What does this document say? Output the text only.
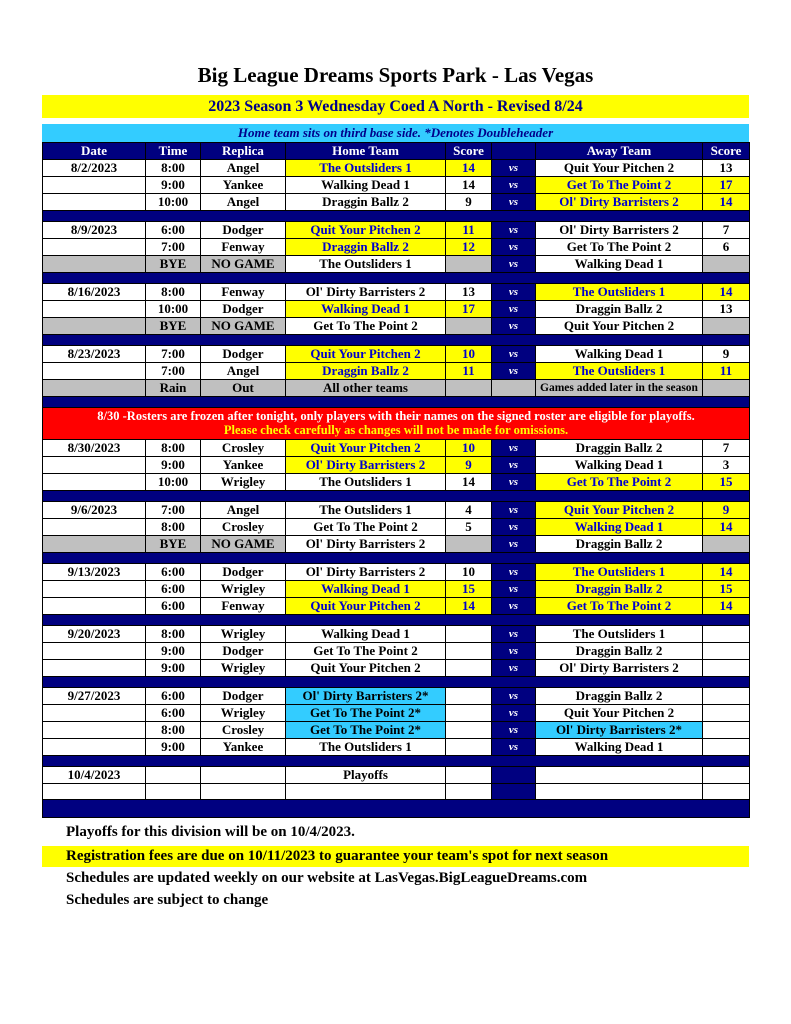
Big League Dreams Sports Park - Las Vegas
2023 Season 3 Wednesday Coed A North - Revised 8/24
Home team sits on third base side. *Denotes Doubleheader
Date	Time	Replica	Home Team	Score		Away Team	Score
8/2/2023	8:00	Angel	The Outsliders 1	14	vs	Quit Your Pitchen 2	13
	9:00	Yankee	Walking Dead 1	14	vs	Get To The Point 2	17
	10:00	Angel	Draggin Ballz 2	9	vs	Ol' Dirty Barristers 2	14

8/9/2023	6:00	Dodger	Quit Your Pitchen 2	11	vs	Ol' Dirty Barristers 2	7
	7:00	Fenway	Draggin Ballz 2	12	vs	Get To The Point 2	6
	BYE	NO GAME	The Outsliders 1		vs	Walking Dead 1	

8/16/2023	8:00	Fenway	Ol' Dirty Barristers 2	13	vs	The Outsliders 1	14
	10:00	Dodger	Walking Dead 1	17	vs	Draggin Ballz 2	13
	BYE	NO GAME	Get To The Point 2		vs	Quit Your Pitchen 2	

8/23/2023	7:00	Dodger	Quit Your Pitchen 2	10	vs	Walking Dead 1	9
	7:00	Angel	Draggin Ballz 2	11	vs	The Outsliders 1	11
	Rain	Out	All other teams			Games added later in the season	

8/30 -Rosters are frozen after tonight, only players with their names on the signed roster are eligible for playoffs.
Please check carefully as changes will not be made for omissions.							

8/30/2023	8:00	Crosley	Quit Your Pitchen 2	10	vs	Draggin Ballz 2	7
	9:00	Yankee	Ol' Dirty Barristers 2	9	vs	Walking Dead 1	3
	10:00	Wrigley	The Outsliders 1	14	vs	Get To The Point 2	15

9/6/2023	7:00	Angel	The Outsliders 1	4	vs	Quit Your Pitchen 2	9
	8:00	Crosley	Get To The Point 2	5	vs	Walking Dead 1	14
	BYE	NO GAME	Ol' Dirty Barristers 2		vs	Draggin Ballz 2	

9/13/2023	6:00	Dodger	Ol' Dirty Barristers 2	10	vs	The Outsliders 1	14
	6:00	Wrigley	Walking Dead 1	15	vs	Draggin Ballz 2	15
	6:00	Fenway	Quit Your Pitchen 2	14	vs	Get To The Point 2	14

9/20/2023	8:00	Wrigley	Walking Dead 1		vs	The Outsliders 1	
	9:00	Dodger	Get To The Point 2		vs	Draggin Ballz 2	
	9:00	Wrigley	Quit Your Pitchen 2		vs	Ol' Dirty Barristers 2	

9/27/2023	6:00	Dodger	Ol' Dirty Barristers 2*		vs	Draggin Ballz 2	
	6:00	Wrigley	Get To The Point 2*		vs	Quit Your Pitchen 2	
	8:00	Crosley	Get To The Point 2*		vs	Ol' Dirty Barristers 2*	
	9:00	Yankee	The Outsliders 1		vs	Walking Dead 1	

10/4/2023			Playoffs				

Playoffs for this division will be on 10/4/2023.
Registration fees are due on 10/11/2023 to guarantee your team's spot for next season
Schedules are updated weekly on our website at LasVegas.BigLeagueDreams.com
Schedules are subject to change
